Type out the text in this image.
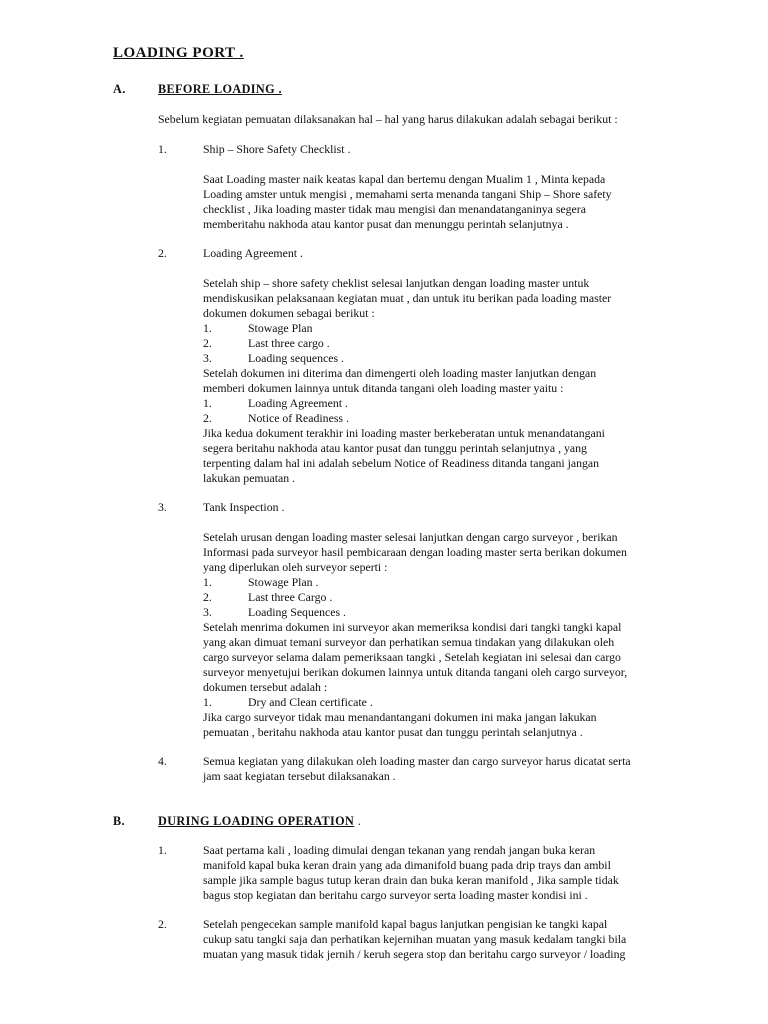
LOADING PORT .
A.	BEFORE LOADING .
Sebelum kegiatan pemuatan dilaksanakan hal – hal yang harus dilakukan adalah sebagai berikut :
1.	Ship – Shore Safety Checklist .
Saat Loading master naik keatas kapal dan bertemu dengan Mualim 1 , Minta kepada
Loading amster untuk mengisi , memahami serta menanda tangani Ship – Shore safety
checklist , Jika loading master tidak mau mengisi dan menandatanganinya segera
memberitahu nakhoda atau kantor pusat dan menunggu perintah selanjutnya .
2.	Loading Agreement .
Setelah ship – shore safety cheklist selesai lanjutkan dengan loading master untuk
mendiskusikan pelaksanaan kegiatan muat , dan untuk itu berikan pada loading master
dokumen dokumen sebagai berikut :
1.	Stowage Plan
2.	Last three cargo .
3.	Loading sequences .
Setelah dokumen ini diterima dan dimengerti oleh loading master lanjutkan dengan
memberi dokumen lainnya untuk ditanda tangani oleh loading master yaitu :
1.	Loading Agreement .
2.	Notice of Readiness .
Jika kedua dokument terakhir ini loading master berkeberatan untuk menandatangani
segera beritahu nakhoda atau kantor pusat dan tunggu perintah selanjutnya , yang
terpenting dalam hal ini adalah sebelum Notice of Readiness ditanda tangani jangan
lakukan pemuatan .
3.	Tank Inspection .
Setelah urusan dengan loading master selesai lanjutkan dengan cargo surveyor , berikan
Informasi pada surveyor hasil pembicaraan dengan loading master serta berikan dokumen
yang diperlukan oleh surveyor seperti :
1.	Stowage Plan .
2.	Last three Cargo .
3.	Loading Sequences .
Setelah menrima dokumen ini surveyor akan memeriksa kondisi dari tangki tangki kapal
yang akan dimuat temani surveyor dan perhatikan semua tindakan yang dilakukan oleh
cargo surveyor selama dalam pemeriksaan tangki , Setelah kegiatan ini selesai dan cargo
surveyor menyetujui berikan dokumen lainnya untuk ditanda tangani oleh cargo surveyor,
dokumen tersebut adalah :
1.	Dry and Clean certificate .
Jika cargo surveyor tidak mau menandantangani dokumen ini maka jangan lakukan
pemuatan , beritahu nakhoda atau kantor pusat dan tunggu perintah selanjutnya .
4.	Semua kegiatan yang dilakukan oleh loading master dan cargo surveyor harus dicatat serta
jam saat kegiatan tersebut dilaksanakan .
B.	DURING LOADING OPERATION .
1.	Saat pertama kali , loading dimulai dengan tekanan yang rendah jangan buka keran
manifold kapal buka keran drain yang ada dimanifold buang pada drip trays dan ambil
sample jika sample bagus tutup keran drain dan buka keran manifold , Jika sample tidak
bagus stop kegiatan dan beritahu cargo surveyor serta loading master kondisi ini .
2.	Setelah pengecekan sample manifold kapal bagus lanjutkan pengisian ke tangki kapal
cukup satu tangki saja dan perhatikan kejernihan muatan yang masuk kedalam tangki bila
muatan yang masuk tidak jernih / keruh segera stop dan beritahu cargo surveyor / loading
